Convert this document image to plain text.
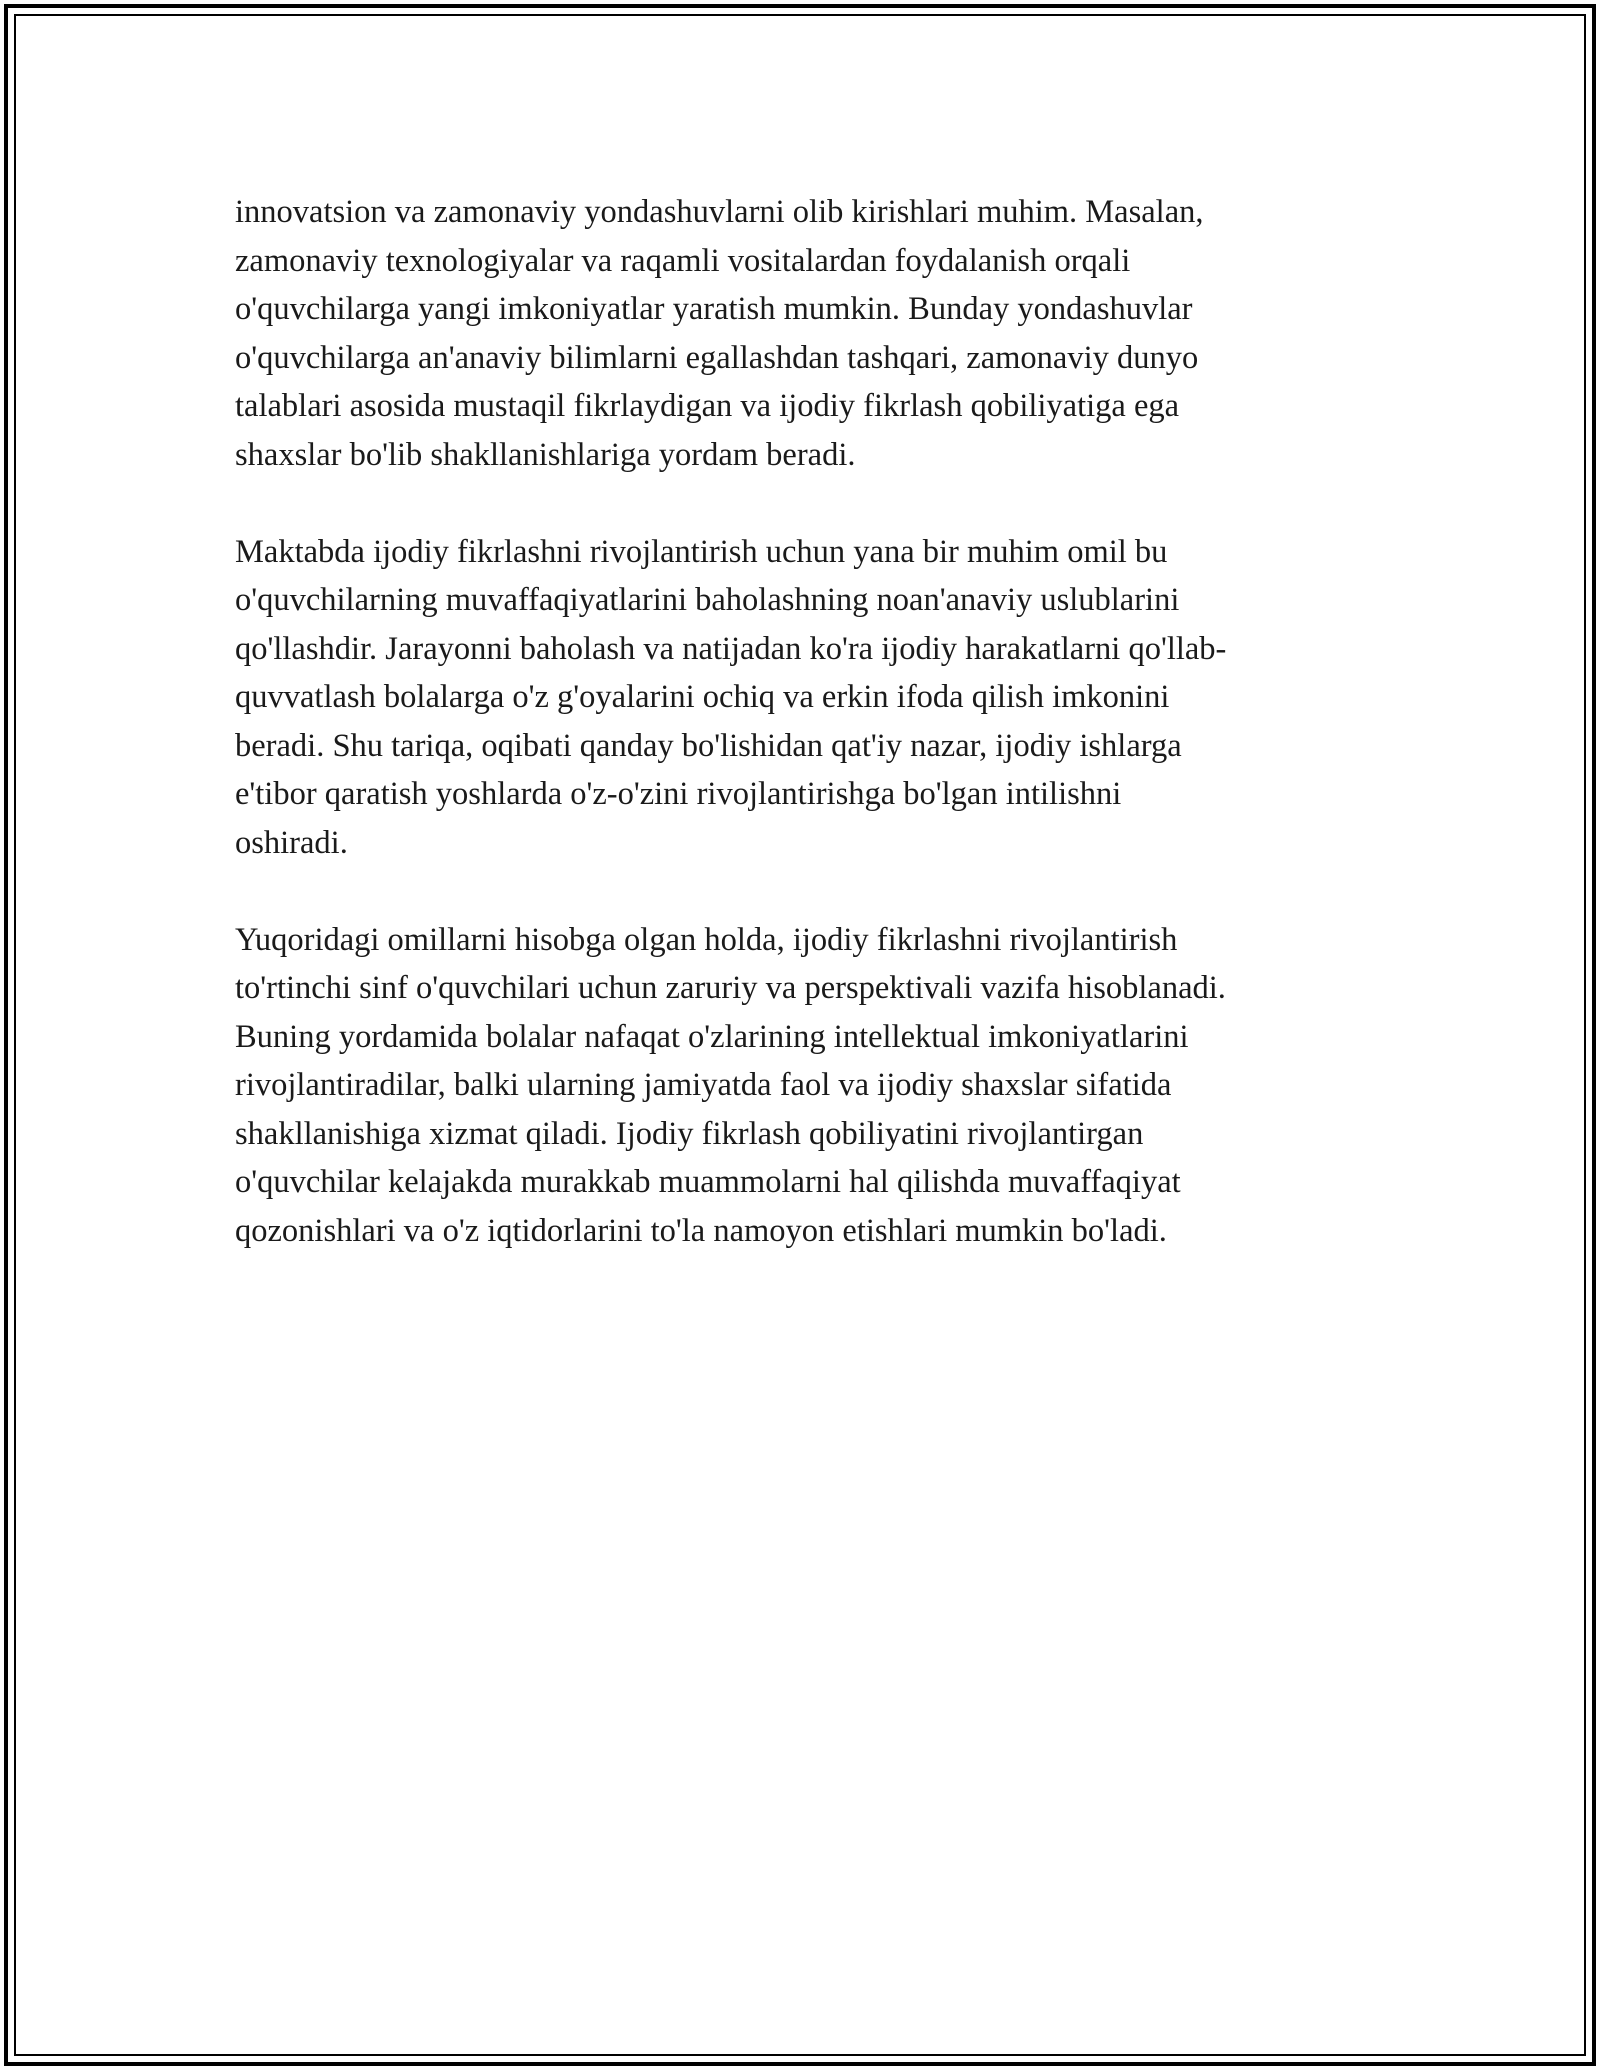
innovatsion va zamonaviy yondashuvlarni olib kirishlari muhim. Masalan,
zamonaviy texnologiyalar va raqamli vositalardan foydalanish orqali
o'quvchilarga yangi imkoniyatlar yaratish mumkin. Bunday yondashuvlar
o'quvchilarga an'anaviy bilimlarni egallashdan tashqari, zamonaviy dunyo
talablari asosida mustaqil fikrlaydigan va ijodiy fikrlash qobiliyatiga ega
shaxslar bo'lib shakllanishlariga yordam beradi.

Maktabda ijodiy fikrlashni rivojlantirish uchun yana bir muhim omil bu
o'quvchilarning muvaffaqiyatlarini baholashning noan'anaviy uslublarini
qo'llashdir. Jarayonni baholash va natijadan ko'ra ijodiy harakatlarni qo'llab-
quvvatlash bolalarga o'z g'oyalarini ochiq va erkin ifoda qilish imkonini
beradi. Shu tariqa, oqibati qanday bo'lishidan qat'iy nazar, ijodiy ishlarga
e'tibor qaratish yoshlarda o'z-o'zini rivojlantirishga bo'lgan intilishni
oshiradi.

Yuqoridagi omillarni hisobga olgan holda, ijodiy fikrlashni rivojlantirish
to'rtinchi sinf o'quvchilari uchun zaruriy va perspektivali vazifa hisoblanadi.
Buning yordamida bolalar nafaqat o'zlarining intellektual imkoniyatlarini
rivojlantiradilar, balki ularning jamiyatda faol va ijodiy shaxslar sifatida
shakllanishiga xizmat qiladi. Ijodiy fikrlash qobiliyatini rivojlantirgan
o'quvchilar kelajakda murakkab muammolarni hal qilishda muvaffaqiyat
qozonishlari va o'z iqtidorlarini to'la namoyon etishlari mumkin bo'ladi.
